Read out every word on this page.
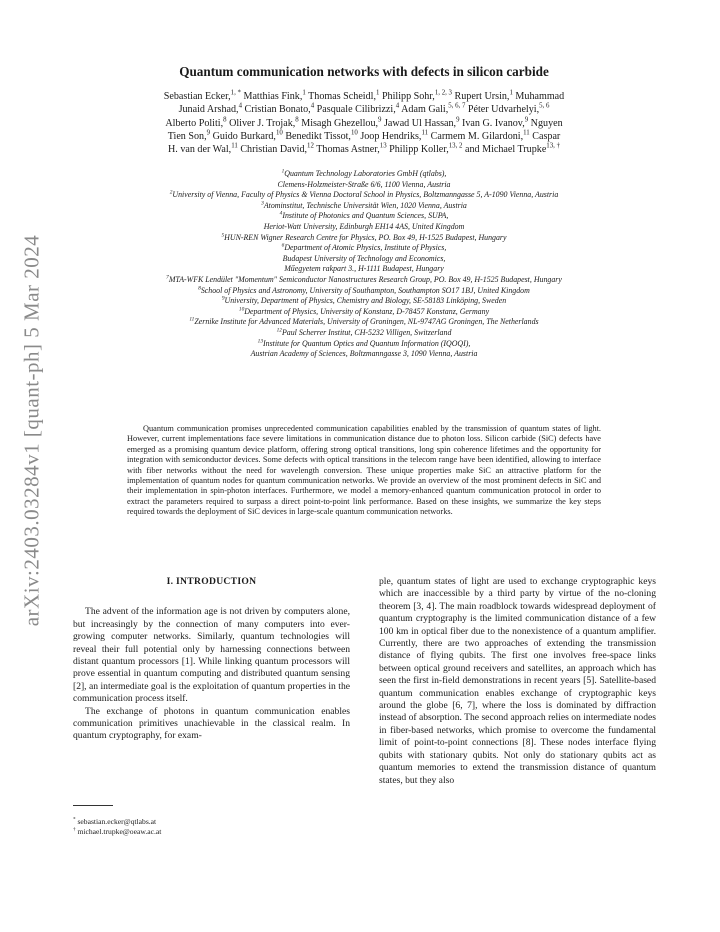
arXiv:2403.03284v1 [quant-ph] 5 Mar 2024
Quantum communication networks with defects in silicon carbide
Sebastian Ecker,$^{1, *}$ Matthias Fink,$^1$ Thomas Scheidl,$^1$ Philipp Sohr,$^{1, 2, 3}$ Rupert Ursin,$^1$ Muhammad
Junaid Arshad,$^4$ Cristian Bonato,$^4$ Pasquale Cilibrizzi,$^4$ Adam Gali,$^{5, 6, 7}$ Péter Udvarhelyi,$^{5, 6}$
Alberto Politi,$^8$ Oliver J. Trojak,$^8$ Misagh Ghezellou,$^9$ Jawad Ul Hassan,$^9$ Ivan G. Ivanov,$^9$ Nguyen
Tien Son,$^9$ Guido Burkard,$^{10}$ Benedikt Tissot,$^{10}$ Joop Hendriks,$^{11}$ Carmem M. Gilardoni,$^{11}$ Caspar
H. van der Wal,$^{11}$ Christian David,$^{12}$ Thomas Astner,$^{13}$ Philipp Koller,$^{13, 2}$ and Michael Trupke$^{13, \dagger}$
$^1$Quantum Technology Laboratories GmbH (qtlabs),
Clemens-Holzmeister-Straße 6/6, 1100 Vienna, Austria
$^2$University of Vienna, Faculty of Physics & Vienna Doctoral School in Physics, Boltzmanngasse 5, A-1090 Vienna, Austria
$^3$Atominstitut, Technische Universität Wien, 1020 Vienna, Austria
$^4$Institute of Photonics and Quantum Sciences, SUPA,
Heriot-Watt University, Edinburgh EH14 4AS, United Kingdom
$^5$HUN-REN Wigner Research Centre for Physics, PO. Box 49, H-1525 Budapest, Hungary
$^6$Department of Atomic Physics, Institute of Physics,
Budapest University of Technology and Economics,
Műegyetem rakpart 3., H-1111 Budapest, Hungary
$^7$MTA-WFK Lendület "Momentum" Semiconductor Nanostructures Research Group, PO. Box 49, H-1525 Budapest, Hungary
$^8$School of Physics and Astronomy, University of Southampton, Southampton SO17 1BJ, United Kingdom
$^9$University, Department of Physics, Chemistry and Biology, SE-58183 Linköping, Sweden
$^{10}$Department of Physics, University of Konstanz, D-78457 Konstanz, Germany
$^{11}$Zernike Institute for Advanced Materials, University of Groningen, NL-9747AG Groningen, The Netherlands
$^{12}$Paul Scherrer Institut, CH-5232 Villigen, Switzerland
$^{13}$Institute for Quantum Optics and Quantum Information (IQOQI),
Austrian Academy of Sciences, Boltzmanngasse 3, 1090 Vienna, Austria

Quantum communication promises unprecedented communication capabilities enabled by the transmission of quantum states of light. However, current implementations face severe limitations in communication distance due to photon loss. Silicon carbide (SiC) defects have emerged as a promising quantum device platform, offering strong optical transitions, long spin coherence lifetimes and the opportunity for integration with semiconductor devices. Some defects with optical transitions in the telecom range have been identified, allowing to interface with fiber networks without the need for wavelength conversion. These unique properties make SiC an attractive platform for the implementation of quantum nodes for quantum communication networks. We provide an overview of the most prominent defects in SiC and their implementation in spin-photon interfaces. Furthermore, we model a memory-enhanced quantum communication protocol in order to extract the parameters required to surpass a direct point-to-point link performance. Based on these insights, we summarize the key steps required towards the deployment of SiC devices in large-scale quantum communication networks.

I. INTRODUCTION

The advent of the information age is not driven by computers alone, but increasingly by the connection of many computers into ever-growing computer networks. Similarly, quantum technologies will reveal their full potential only by harnessing connections between distant quantum processors [1]. While linking quantum processors will prove essential in quantum computing and distributed quantum sensing [2], an intermediate goal is the exploitation of quantum properties in the communication process itself.

The exchange of photons in quantum communication enables communication primitives unachievable in the classical realm. In quantum cryptography, for exam-

ple, quantum states of light are used to exchange cryptographic keys which are inaccessible by a third party by virtue of the no-cloning theorem [3, 4]. The main roadblock towards widespread deployment of quantum cryptography is the limited communication distance of a few 100 km in optical fiber due to the nonexistence of a quantum amplifier. Currently, there are two approaches of extending the transmission distance of flying qubits. The first one involves free-space links between optical ground receivers and satellites, an approach which has seen the first in-field demonstrations in recent years [5]. Satellite-based quantum communication enables exchange of cryptographic keys around the globe [6, 7], where the loss is dominated by diffraction instead of absorption. The second approach relies on intermediate nodes in fiber-based networks, which promise to overcome the fundamental limit of point-to-point connections [8]. These nodes interface flying qubits with stationary qubits. Not only do stationary qubits act as quantum memories to extend the transmission distance of quantum states, but they also

* sebastian.ecker@qtlabs.at
† michael.trupke@oeaw.ac.at
